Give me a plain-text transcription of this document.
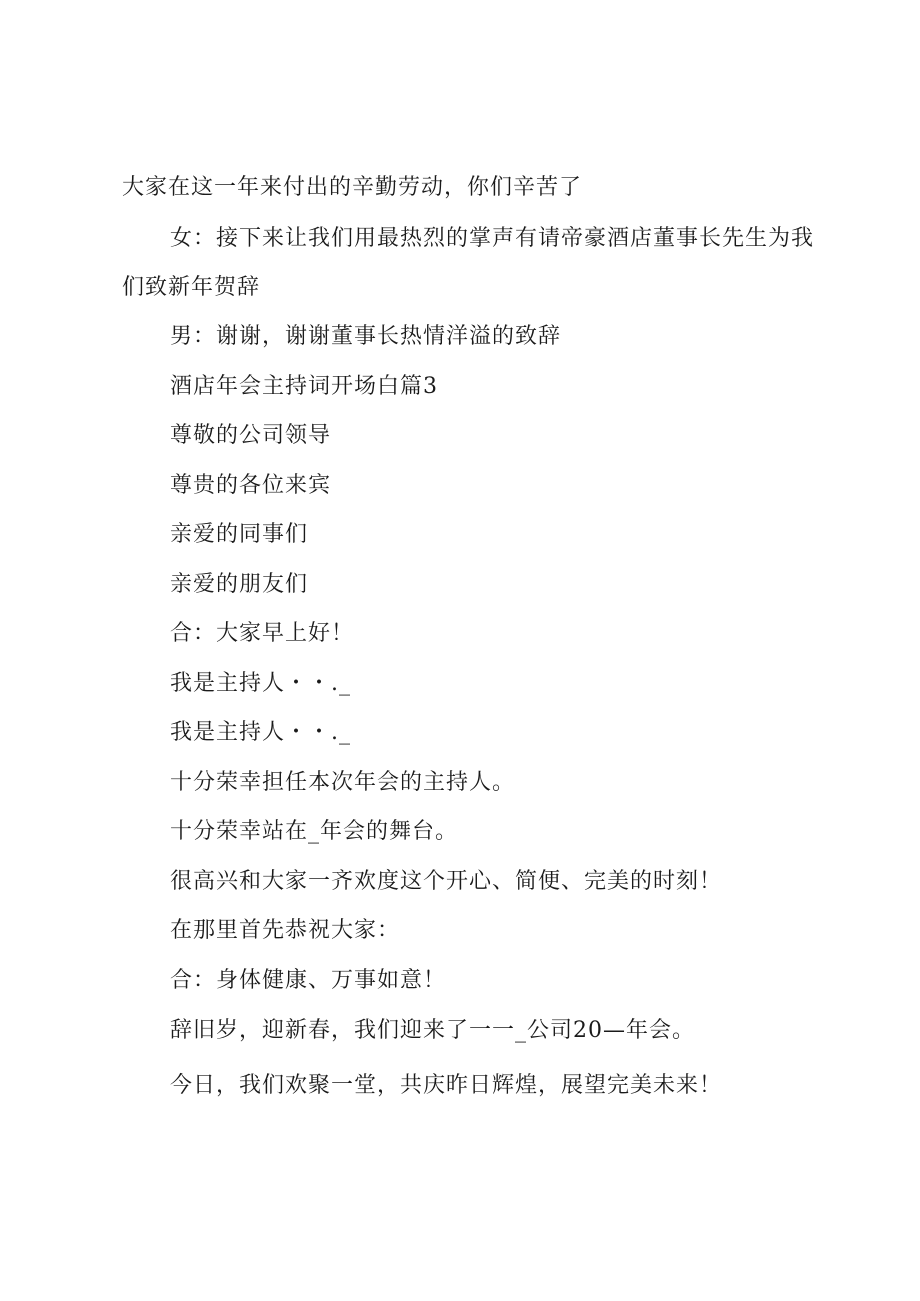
大家在这一年来付出的辛勤劳动，你们辛苦了
女：接下来让我们用最热烈的掌声有请帝豪酒店董事长先生为我
们致新年贺辞
男：谢谢，谢谢董事长热情洋溢的致辞
酒店年会主持词开场白篇3
尊敬的公司领导
尊贵的各位来宾
亲爱的同事们
亲爱的朋友们
合：大家早上好！
我是主持人・・._
我是主持人・・._
十分荣幸担任本次年会的主持人。
十分荣幸站在_年会的舞台。
很高兴和大家一齐欢度这个开心、简便、完美的时刻！
在那里首先恭祝大家：
合：身体健康、万事如意！
辞旧岁，迎新春，我们迎来了一一_公司20—年会。
今日，我们欢聚一堂，共庆昨日辉煌，展望完美未来！
